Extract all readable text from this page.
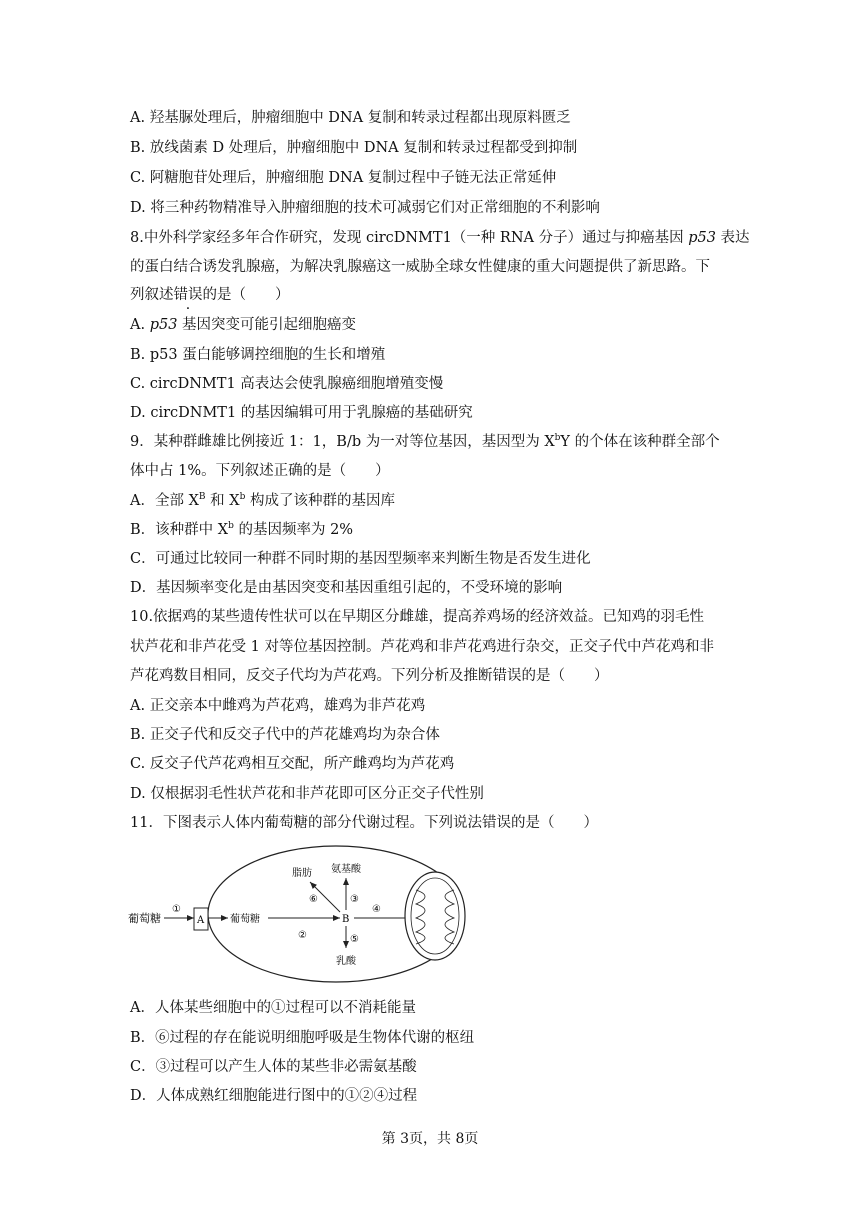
A. 羟基脲处理后，肿瘤细胞中 DNA 复制和转录过程都出现原料匮乏
B. 放线菌素 D 处理后，肿瘤细胞中 DNA 复制和转录过程都受到抑制
C. 阿糖胞苷处理后，肿瘤细胞 DNA 复制过程中子链无法正常延伸
D. 将三种药物精准导入肿瘤细胞的技术可减弱它们对正常细胞的不利影响
8.中外科学家经多年合作研究，发现 circDNMT1（一种 RNA 分子）通过与抑癌基因 p53 表达
的蛋白结合诱发乳腺癌，为解决乳腺癌这一威胁全球女性健康的重大问题提供了新思路。下
列叙述错误的是（　　）
A. p53 基因突变可能引起细胞癌变
B. p53 蛋白能够调控细胞的生长和增殖
C. circDNMT1 高表达会使乳腺癌细胞增殖变慢
D. circDNMT1 的基因编辑可用于乳腺癌的基础研究
9．某种群雌雄比例接近 1：1，B/b 为一对等位基因，基因型为 $X^bY$ 的个体在该种群全部个
体中占 1%。下列叙述正确的是（　　）
A．全部 $X^B$ 和 $X^b$ 构成了该种群的基因库
B．该种群中 $X^b$ 的基因频率为 2%
C．可通过比较同一种群不同时期的基因型频率来判断生物是否发生进化
D．基因频率变化是由基因突变和基因重组引起的，不受环境的影响
10.依据鸡的某些遗传性状可以在早期区分雌雄，提高养鸡场的经济效益。已知鸡的羽毛性
状芦花和非芦花受 1 对等位基因控制。芦花鸡和非芦花鸡进行杂交，正交子代中芦花鸡和非
芦花鸡数目相同，反交子代均为芦花鸡。下列分析及推断错误的是（　　）
A. 正交亲本中雌鸡为芦花鸡，雄鸡为非芦花鸡
B. 正交子代和反交子代中的芦花雄鸡均为杂合体
C. 反交子代芦花鸡相互交配，所产雌鸡均为芦花鸡
D. 仅根据羽毛性状芦花和非芦花即可区分正交子代性别
11．下图表示人体内葡萄糖的部分代谢过程。下列说法错误的是（　　）
葡萄糖
①
A	葡萄糖
②
B
脂肪
⑥
氨基酸
③
⑤
乳酸
④
A．人体某些细胞中的①过程可以不消耗能量
B．⑥过程的存在能说明细胞呼吸是生物体代谢的枢纽
C．③过程可以产生人体的某些非必需氨基酸
D．人体成熟红细胞能进行图中的①②④过程
第 3页，共 8页
